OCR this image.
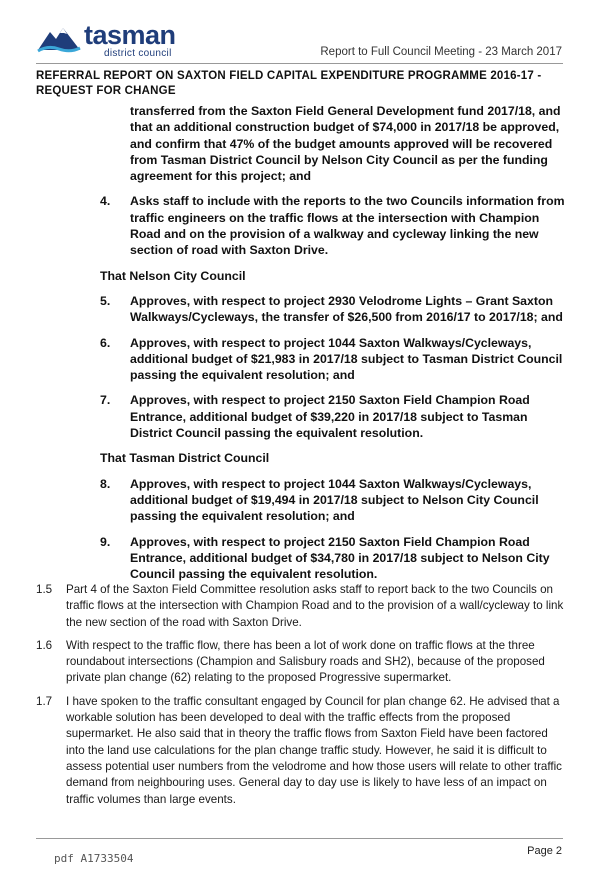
tasman
district council	Report to Full Council Meeting - 23 March 2017
REFERRAL REPORT ON SAXTON FIELD CAPITAL EXPENDITURE PROGRAMME 2016-17 - REQUEST FOR CHANGE
transferred from the Saxton Field General Development fund 2017/18, and that an additional construction budget of $74,000 in 2017/18 be approved, and confirm that 47% of the budget amounts approved will be recovered from Tasman District Council by Nelson City Council as per the funding agreement for this project; and
4.	Asks staff to include with the reports to the two Councils information from traffic engineers on the traffic flows at the intersection with Champion Road and on the provision of a walkway and cycleway linking the new section of road with Saxton Drive.
That Nelson City Council
5.	Approves, with respect to project 2930 Velodrome Lights – Grant Saxton Walkways/Cycleways, the transfer of $26,500 from 2016/17 to 2017/18; and
6.	Approves, with respect to project 1044 Saxton Walkways/Cycleways, additional budget of $21,983 in 2017/18 subject to Tasman District Council passing the equivalent resolution; and
7.	Approves, with respect to project 2150 Saxton Field Champion Road Entrance, additional budget of $39,220 in 2017/18 subject to Tasman District Council passing the equivalent resolution.
That Tasman District Council
8.	Approves, with respect to project 1044 Saxton Walkways/Cycleways, additional budget of $19,494 in 2017/18 subject to Nelson City Council passing the equivalent resolution; and
9.	Approves, with respect to project 2150 Saxton Field Champion Road Entrance, additional budget of $34,780 in 2017/18 subject to Nelson City Council passing the equivalent resolution.
1.5	Part 4 of the Saxton Field Committee resolution asks staff to report back to the two Councils on traffic flows at the intersection with Champion Road and to the provision of a wall/cycleway to link the new section of the road with Saxton Drive.
1.6	With respect to the traffic flow, there has been a lot of work done on traffic flows at the three roundabout intersections (Champion and Salisbury roads and SH2), because of the proposed private plan change (62) relating to the proposed Progressive supermarket.
1.7	I have spoken to the traffic consultant engaged by Council for plan change 62. He advised that a workable solution has been developed to deal with the traffic effects from the proposed supermarket. He also said that in theory the traffic flows from Saxton Field have been factored into the land use calculations for the plan change traffic study. However, he said it is difficult to assess potential user numbers from the velodrome and how those users will relate to other traffic demand from neighbouring uses. General day to day use is likely to have less of an impact on traffic volumes than large events.
Page 2
pdf A1733504
